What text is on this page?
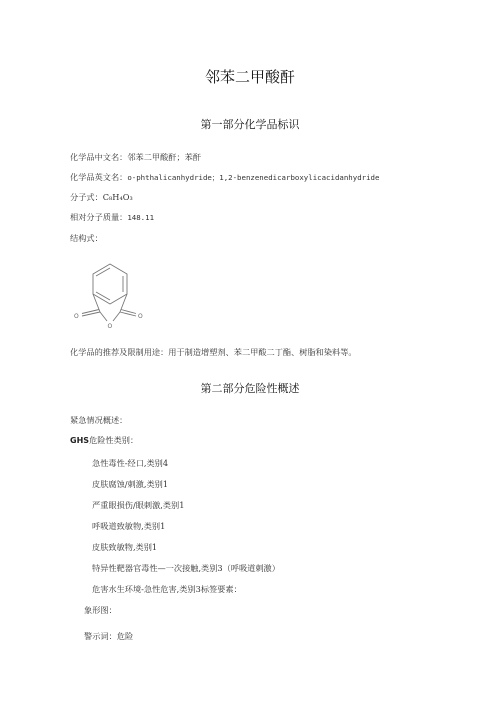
邻苯二甲酸酐
第一部分化学品标识
化学品中文名：邻苯二甲酸酐；苯酐
化学品英文名：o-phthalicanhydride；1,2-benzenedicarboxylicacidanhydride
分子式：C₈H₄O₃
相对分子质量：148.11
结构式：
O
O
O
化学品的推荐及限制用途：用于制造增塑剂、苯二甲酸二丁酯、树脂和染料等。
第二部分危险性概述
紧急情况概述：
GHS危险性类别：
急性毒性-经口,类别4
皮肤腐蚀/刺激,类别1
严重眼损伤/眼刺激,类别1
呼吸道致敏物,类别1
皮肤致敏物,类别1
特异性靶器官毒性—一次接触,类别3（呼吸道刺激）
危害水生环境-急性危害,类别3标签要素：
象形图：
警示词：危险
